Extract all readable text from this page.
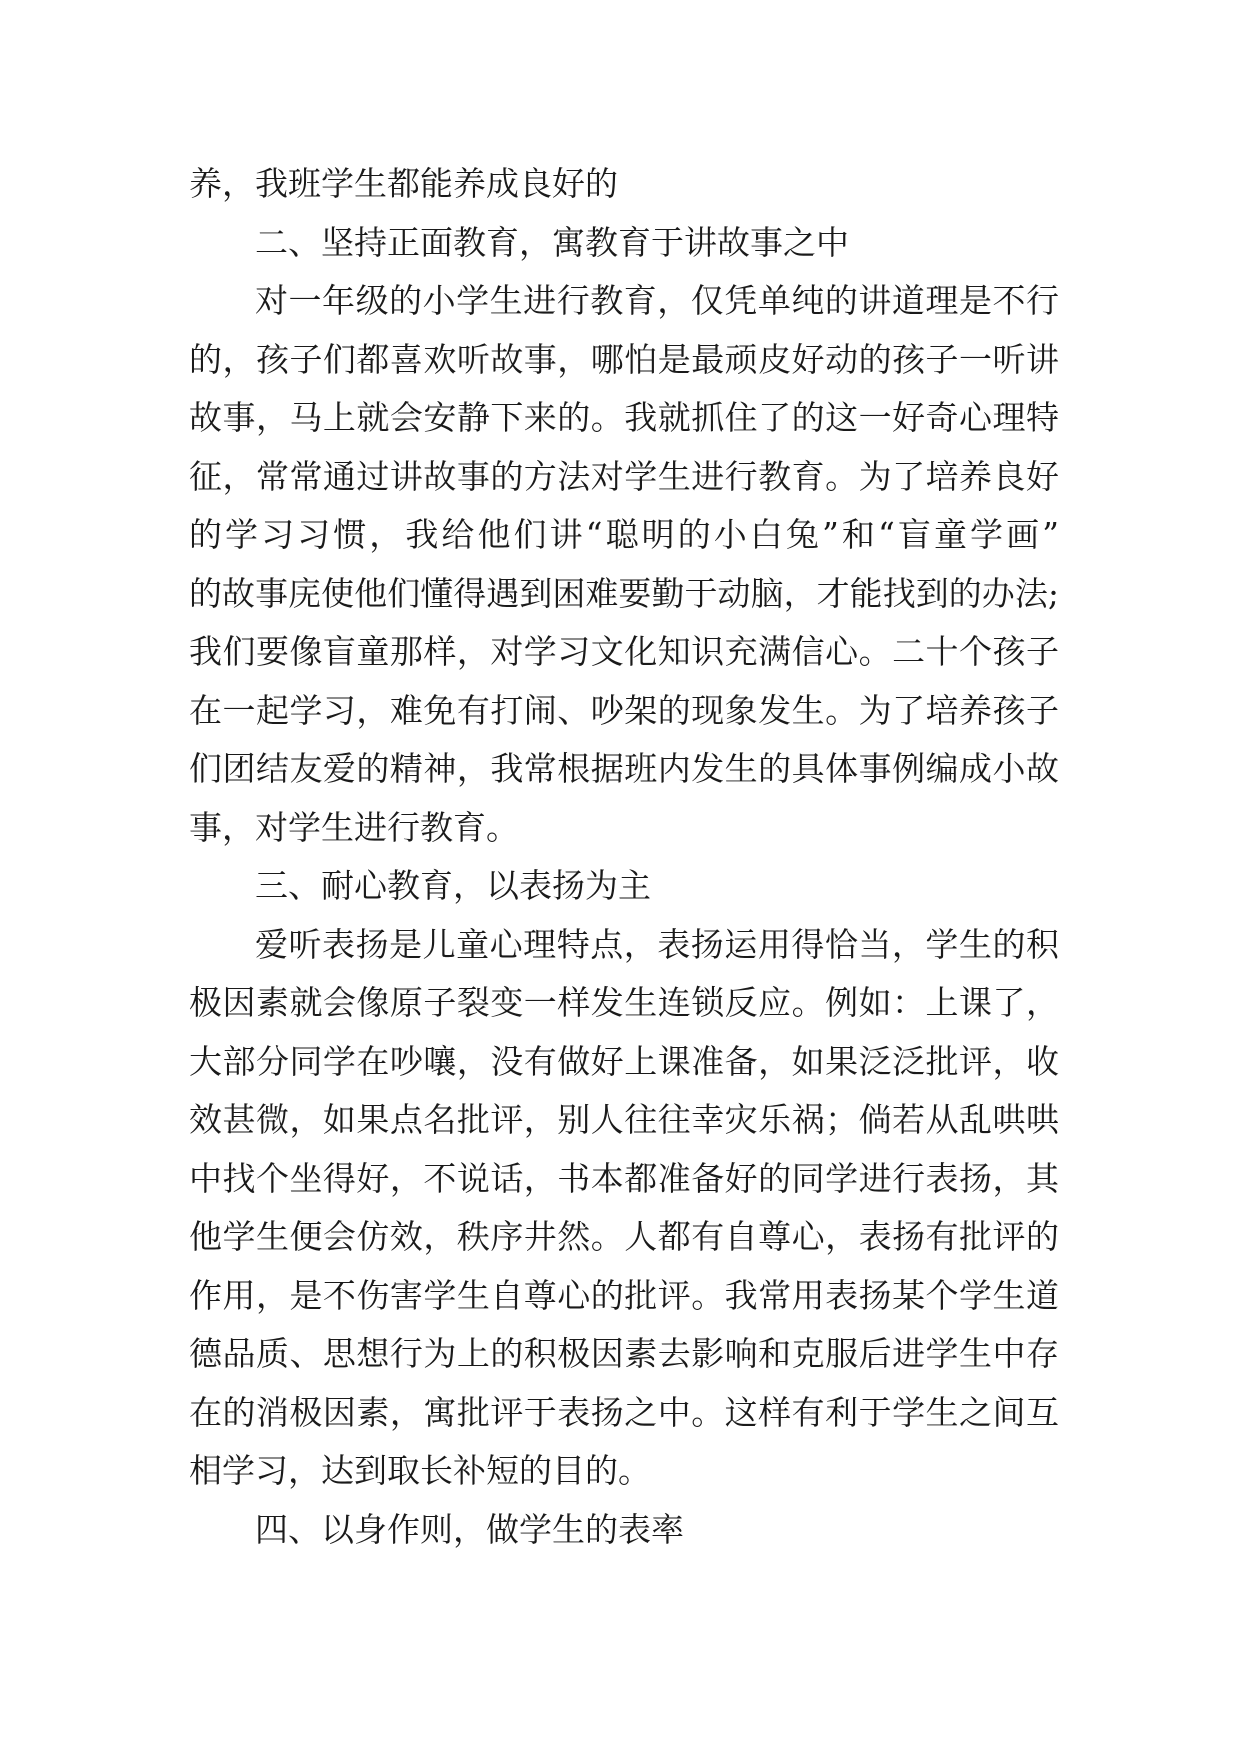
养，我班学生都能养成良好的
二、坚持正面教育，寓教育于讲故事之中
对一年级的小学生进行教育，仅凭单纯的讲道理是不行
的，孩子们都喜欢听故事，哪怕是最顽皮好动的孩子一听讲
故事，马上就会安静下来的。我就抓住了的这一好奇心理特
征，常常通过讲故事的方法对学生进行教育。为了培养良好
的学习习惯，我给他们讲“聪明的小白兔”和“盲童学画”
的故事庑使他们懂得遇到困难要勤于动脑，才能找到的办法;
我们要像盲童那样，对学习文化知识充满信心。二十个孩子
在一起学习，难免有打闹、吵架的现象发生。为了培养孩子
们团结友爱的精神，我常根据班内发生的具体事例编成小故
事，对学生进行教育。
三、耐心教育，以表扬为主
爱听表扬是儿童心理特点，表扬运用得恰当，学生的积
极因素就会像原子裂变一样发生连锁反应。例如：上课了，
大部分同学在吵嚷，没有做好上课准备，如果泛泛批评，收
效甚微，如果点名批评，别人往往幸灾乐祸；倘若从乱哄哄
中找个坐得好，不说话，书本都准备好的同学进行表扬，其
他学生便会仿效，秩序井然。人都有自尊心，表扬有批评的
作用，是不伤害学生自尊心的批评。我常用表扬某个学生道
德品质、思想行为上的积极因素去影响和克服后进学生中存
在的消极因素，寓批评于表扬之中。这样有利于学生之间互
相学习，达到取长补短的目的。
四、以身作则，做学生的表率
